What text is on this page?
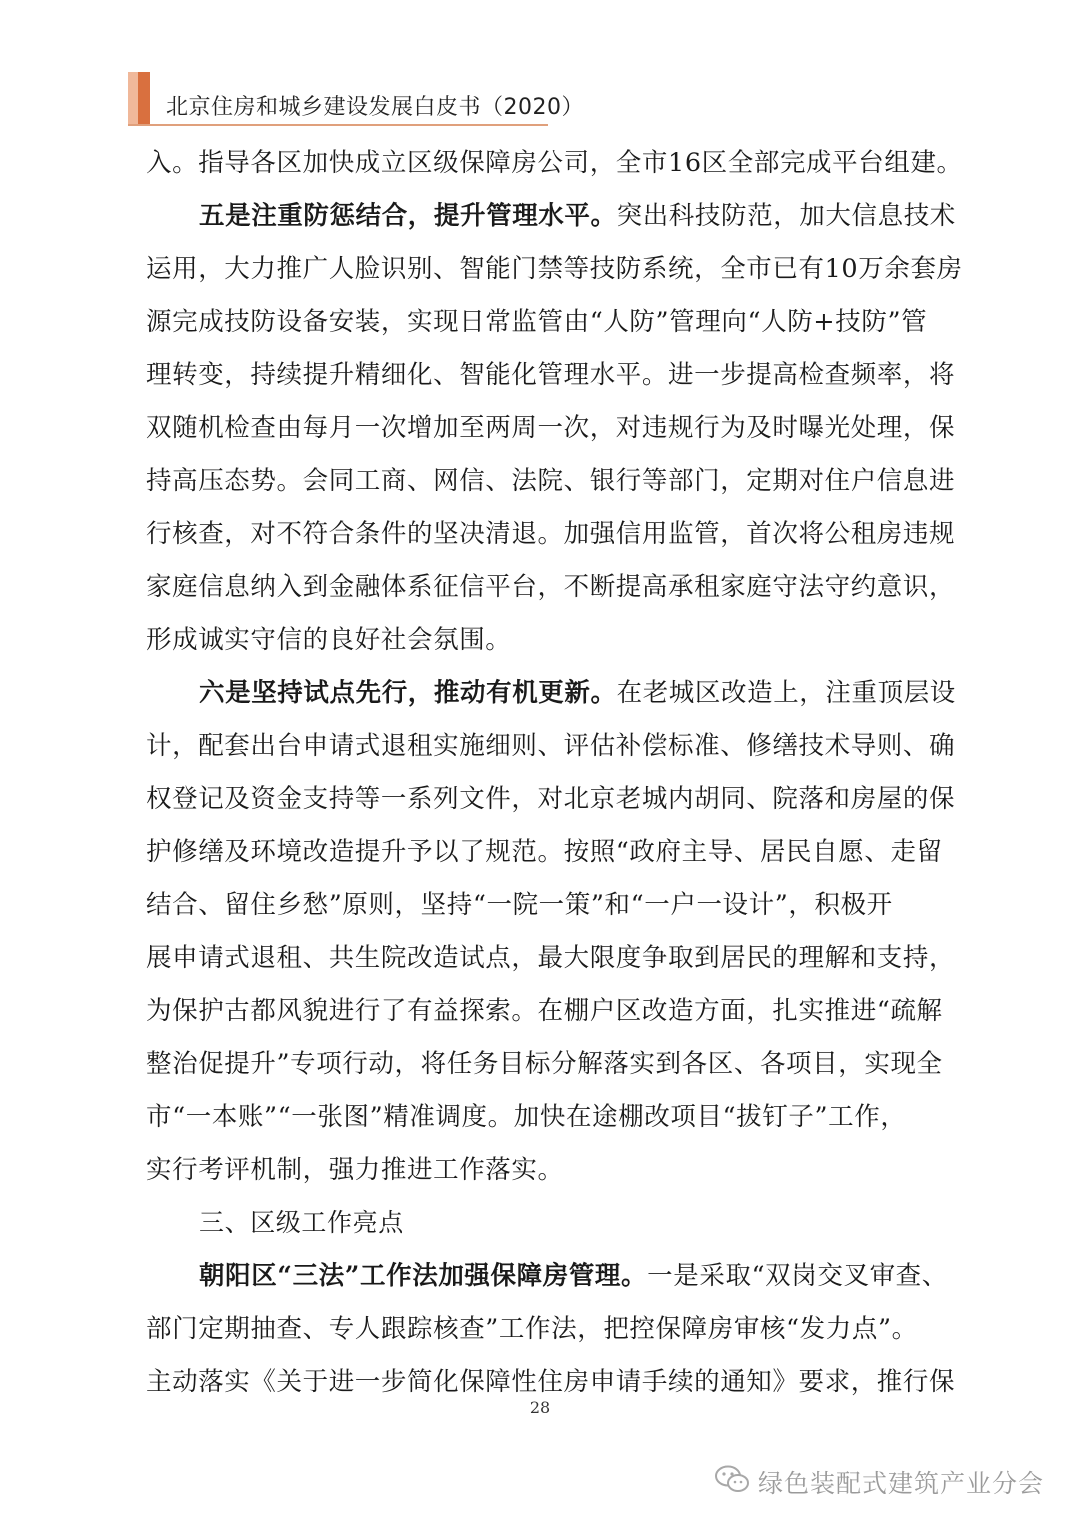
北京住房和城乡建设发展白皮书（2020）
入。指导各区加快成立区级保障房公司，全市16区全部完成平台组建。
五是注重防惩结合，提升管理水平。突出科技防范，加大信息技术
运用，大力推广人脸识别、智能门禁等技防系统，全市已有10万余套房
源完成技防设备安装，实现日常监管由“人防”管理向“人防+技防”管
理转变，持续提升精细化、智能化管理水平。进一步提高检查频率，将
双随机检查由每月一次增加至两周一次，对违规行为及时曝光处理，保
持高压态势。会同工商、网信、法院、银行等部门，定期对住户信息进
行核查，对不符合条件的坚决清退。加强信用监管，首次将公租房违规
家庭信息纳入到金融体系征信平台，不断提高承租家庭守法守约意识，
形成诚实守信的良好社会氛围。
六是坚持试点先行，推动有机更新。在老城区改造上，注重顶层设
计，配套出台申请式退租实施细则、评估补偿标准、修缮技术导则、确
权登记及资金支持等一系列文件，对北京老城内胡同、院落和房屋的保
护修缮及环境改造提升予以了规范。按照“政府主导、居民自愿、走留
结合、留住乡愁”原则，坚持“一院一策”和“一户一设计”，积极开
展申请式退租、共生院改造试点，最大限度争取到居民的理解和支持，
为保护古都风貌进行了有益探索。在棚户区改造方面，扎实推进“疏解
整治促提升”专项行动，将任务目标分解落实到各区、各项目，实现全
市“一本账”“一张图”精准调度。加快在途棚改项目“拔钉子”工作，
实行考评机制，强力推进工作落实。
三、区级工作亮点
朝阳区“三法”工作法加强保障房管理。一是采取“双岗交叉审查、
部门定期抽查、专人跟踪核查”工作法，把控保障房审核“发力点”。
主动落实《关于进一步简化保障性住房申请手续的通知》要求，推行保
28
绿色装配式建筑产业分会
